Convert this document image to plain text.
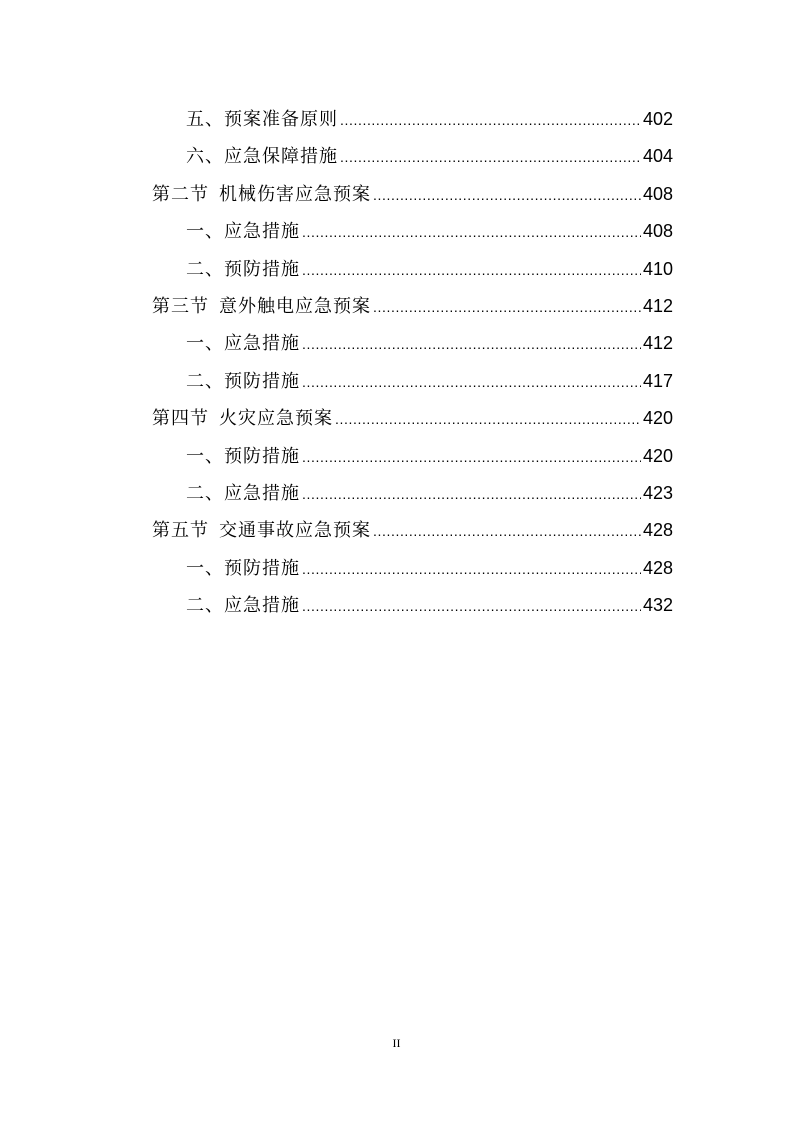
五、预案准备原则 .....	402
六、应急保障措施 .....	404
第二节 机械伤害应急预案 .....	408
一、应急措施 .....	408
二、预防措施 .....	410
第三节 意外触电应急预案 .....	412
一、应急措施 .....	412
二、预防措施 .....	417
第四节 火灾应急预案 .....	420
一、预防措施 .....	420
二、应急措施 .....	423
第五节 交通事故应急预案 .....	428
一、预防措施 .....	428
二、应急措施 .....	432
II
